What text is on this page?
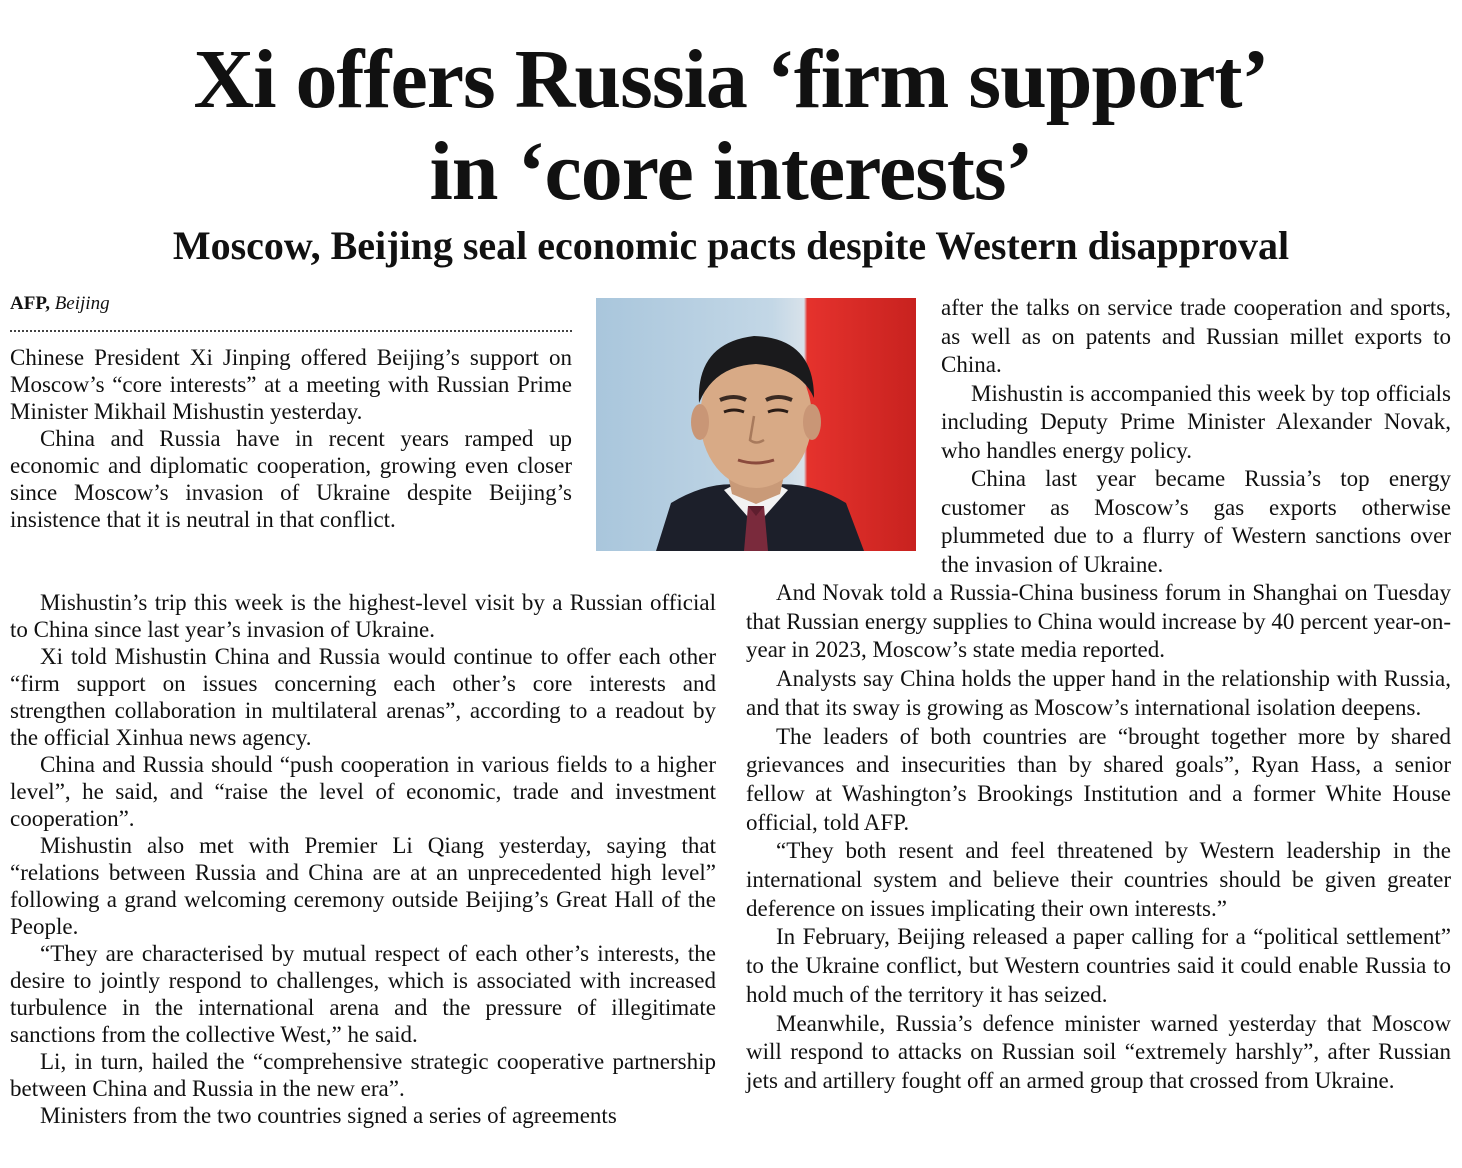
Xi offers Russia ‘firm support’
in ‘core interests’
Moscow, Beijing seal economic pacts despite Western disapproval
AFP, Beijing

Chinese President Xi Jinping offered Beijing’s support on Moscow’s “core interests” at a meeting with Russian Prime Minister Mikhail Mishustin yesterday.

China and Russia have in recent years ramped up economic and diplomatic cooperation, growing even closer since Moscow’s invasion of Ukraine despite Beijing’s insistence that it is neutral in that conflict.

Mishustin’s trip this week is the highest-level visit by a Russian official to China since last year’s invasion of Ukraine.

Xi told Mishustin China and Russia would continue to offer each other “firm support on issues concerning each other’s core interests and strengthen collaboration in multilateral arenas”, according to a readout by the official Xinhua news agency.

China and Russia should “push cooperation in various fields to a higher level”, he said, and “raise the level of economic, trade and investment cooperation”.

Mishustin also met with Premier Li Qiang yesterday, saying that “relations between Russia and China are at an unprecedented high level” following a grand welcoming ceremony outside Beijing’s Great Hall of the People.

“They are characterised by mutual respect of each other’s interests, the desire to jointly respond to challenges, which is associated with increased turbulence in the international arena and the pressure of illegitimate sanctions from the collective West,” he said.

Li, in turn, hailed the “comprehensive strategic cooperative partnership between China and Russia in the new era”.

Ministers from the two countries signed a series of agreements

after the talks on service trade cooperation and sports, as well as on patents and Russian millet exports to China.

Mishustin is accompanied this week by top officials including Deputy Prime Minister Alexander Novak, who handles energy policy.

China last year became Russia’s top energy customer as Moscow’s gas exports otherwise plummeted due to a flurry of Western sanctions over the invasion of Ukraine.

And Novak told a Russia-China business forum in Shanghai on Tuesday that Russian energy supplies to China would increase by 40 percent year-on-year in 2023, Moscow’s state media reported.

Analysts say China holds the upper hand in the relationship with Russia, and that its sway is growing as Moscow’s international isolation deepens.

The leaders of both countries are “brought together more by shared grievances and insecurities than by shared goals”, Ryan Hass, a senior fellow at Washington’s Brookings Institution and a former White House official, told AFP.

“They both resent and feel threatened by Western leadership in the international system and believe their countries should be given greater deference on issues implicating their own interests.”

In February, Beijing released a paper calling for a “political settlement” to the Ukraine conflict, but Western countries said it could enable Russia to hold much of the territory it has seized.

Meanwhile, Russia’s defence minister warned yesterday that Moscow will respond to attacks on Russian soil “extremely harshly”, after Russian jets and artillery fought off an armed group that crossed from Ukraine.
